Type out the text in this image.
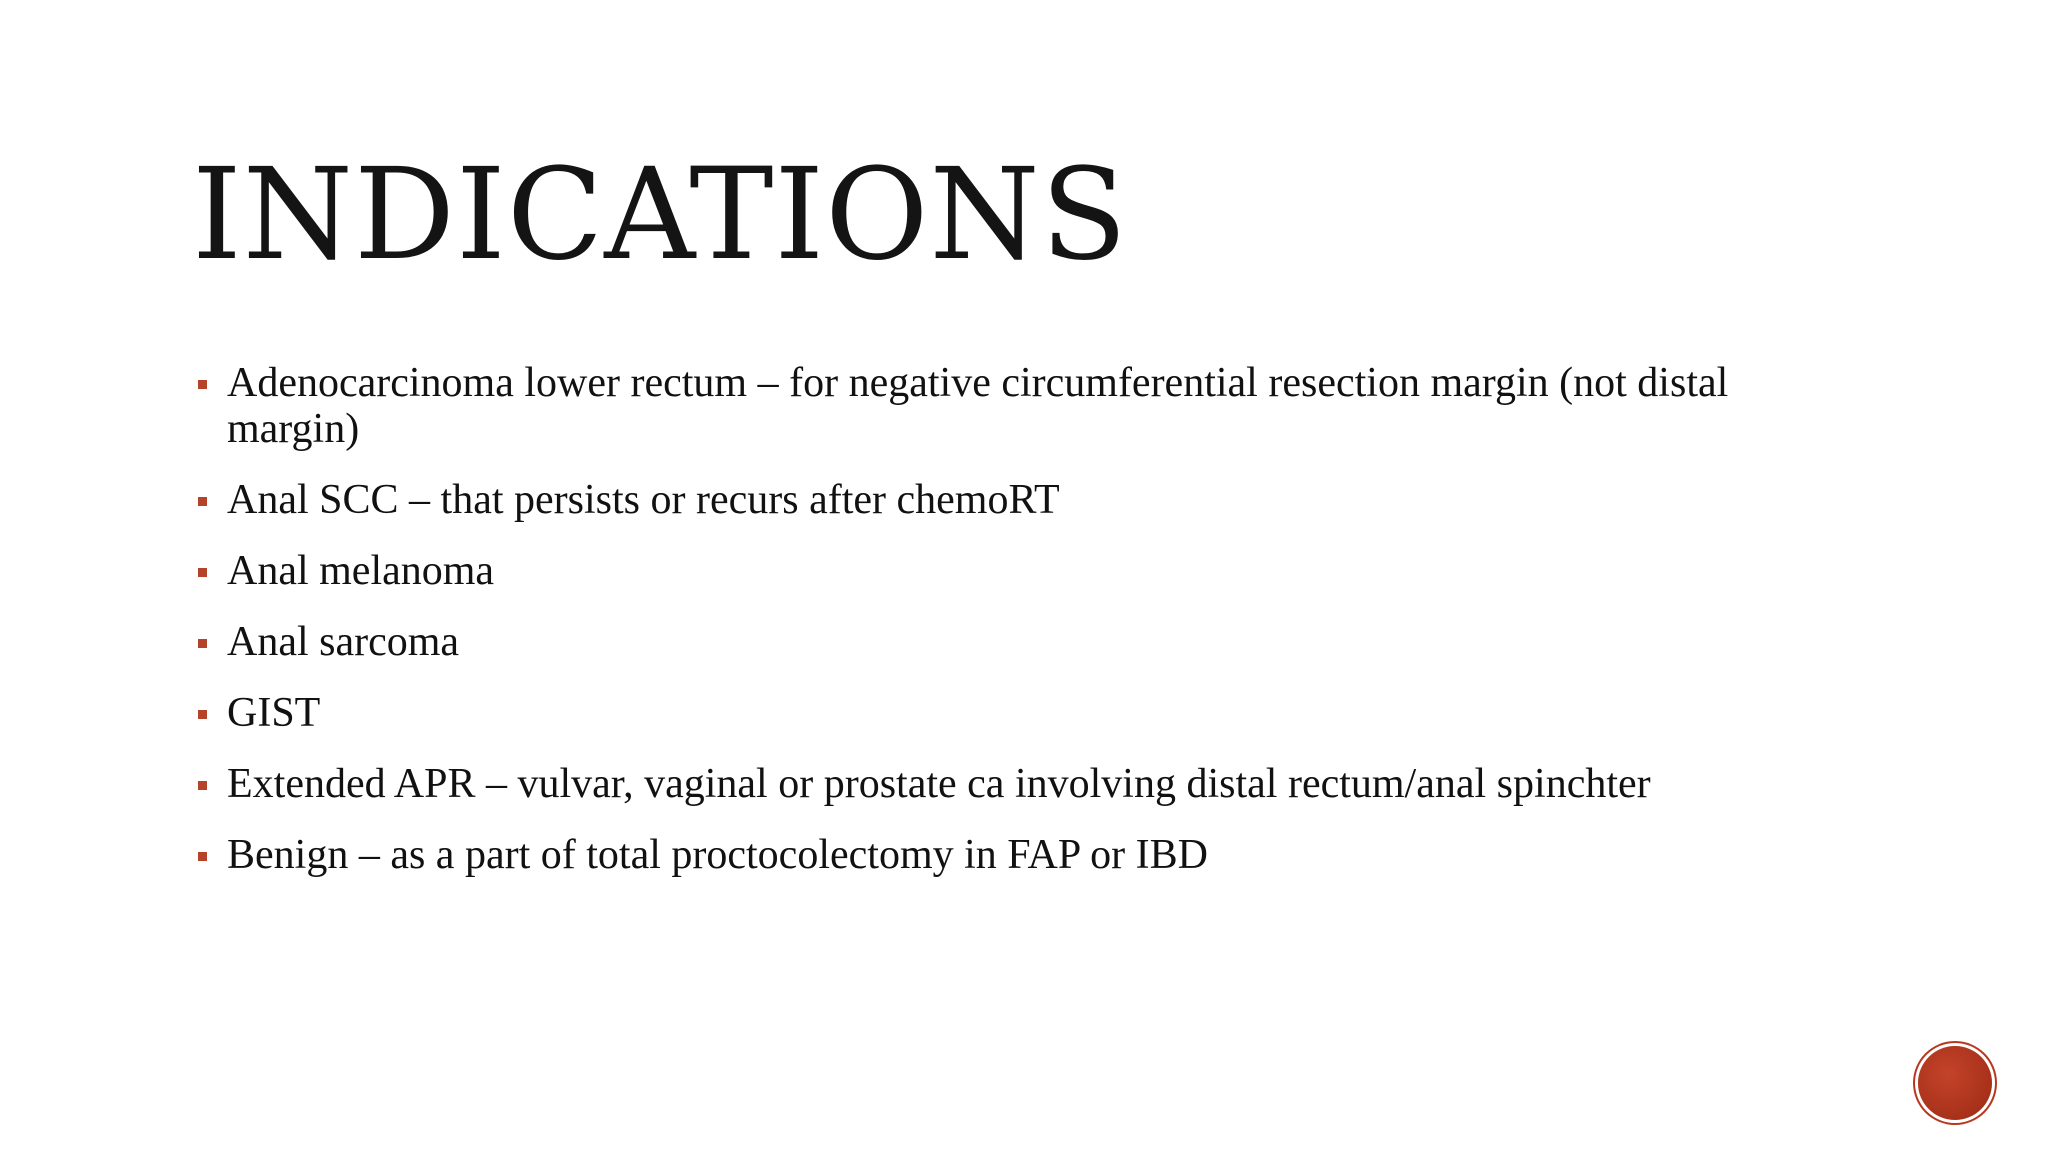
INDICATIONS
Adenocarcinoma lower rectum – for negative circumferential resection margin (not distal margin)
Anal SCC – that persists or recurs after chemoRT
Anal melanoma
Anal sarcoma
GIST
Extended APR – vulvar, vaginal or prostate ca involving distal rectum/anal spinchter
Benign – as a part of total proctocolectomy in FAP or IBD
